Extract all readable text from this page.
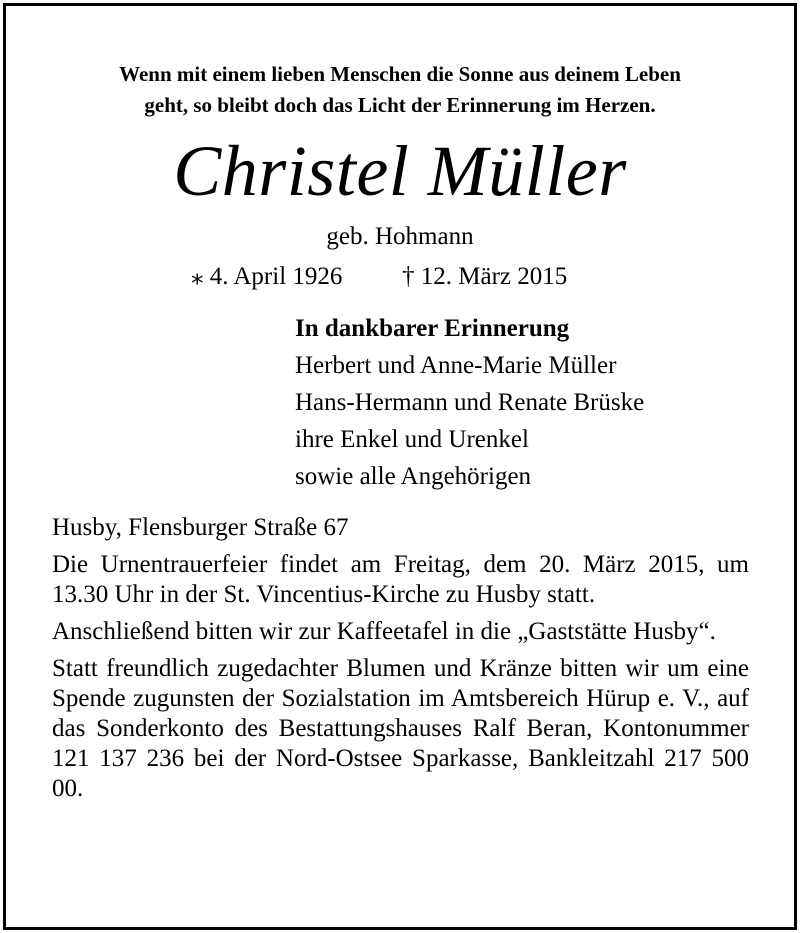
Wenn mit einem lieben Menschen die Sonne aus deinem Leben
geht, so bleibt doch das Licht der Erinnerung im Herzen.
Christel Müller
geb. Hohmann
⁎ 4. April 1926 † 12. März 2015
In dankbarer Erinnerung
Herbert und Anne-Marie Müller
Hans-Hermann und Renate Brüske
ihre Enkel und Urenkel
sowie alle Angehörigen

Husby, Flensburger Straße 67

Die Urnentrauerfeier findet am Freitag, dem 20. März 2015, um 13.30 Uhr in der St. Vincentius-Kirche zu Husby statt.

Anschließend bitten wir zur Kaffeetafel in die „Gaststätte Husby“.

Statt freundlich zugedachter Blumen und Kränze bitten wir um eine Spende zugunsten der Sozialstation im Amtsbereich Hürup e. V., auf das Sonderkonto des Bestattungshauses Ralf Beran, Kontonummer 121 137 236 bei der Nord-Ostsee Sparkasse, Bankleitzahl 217 500 00.
